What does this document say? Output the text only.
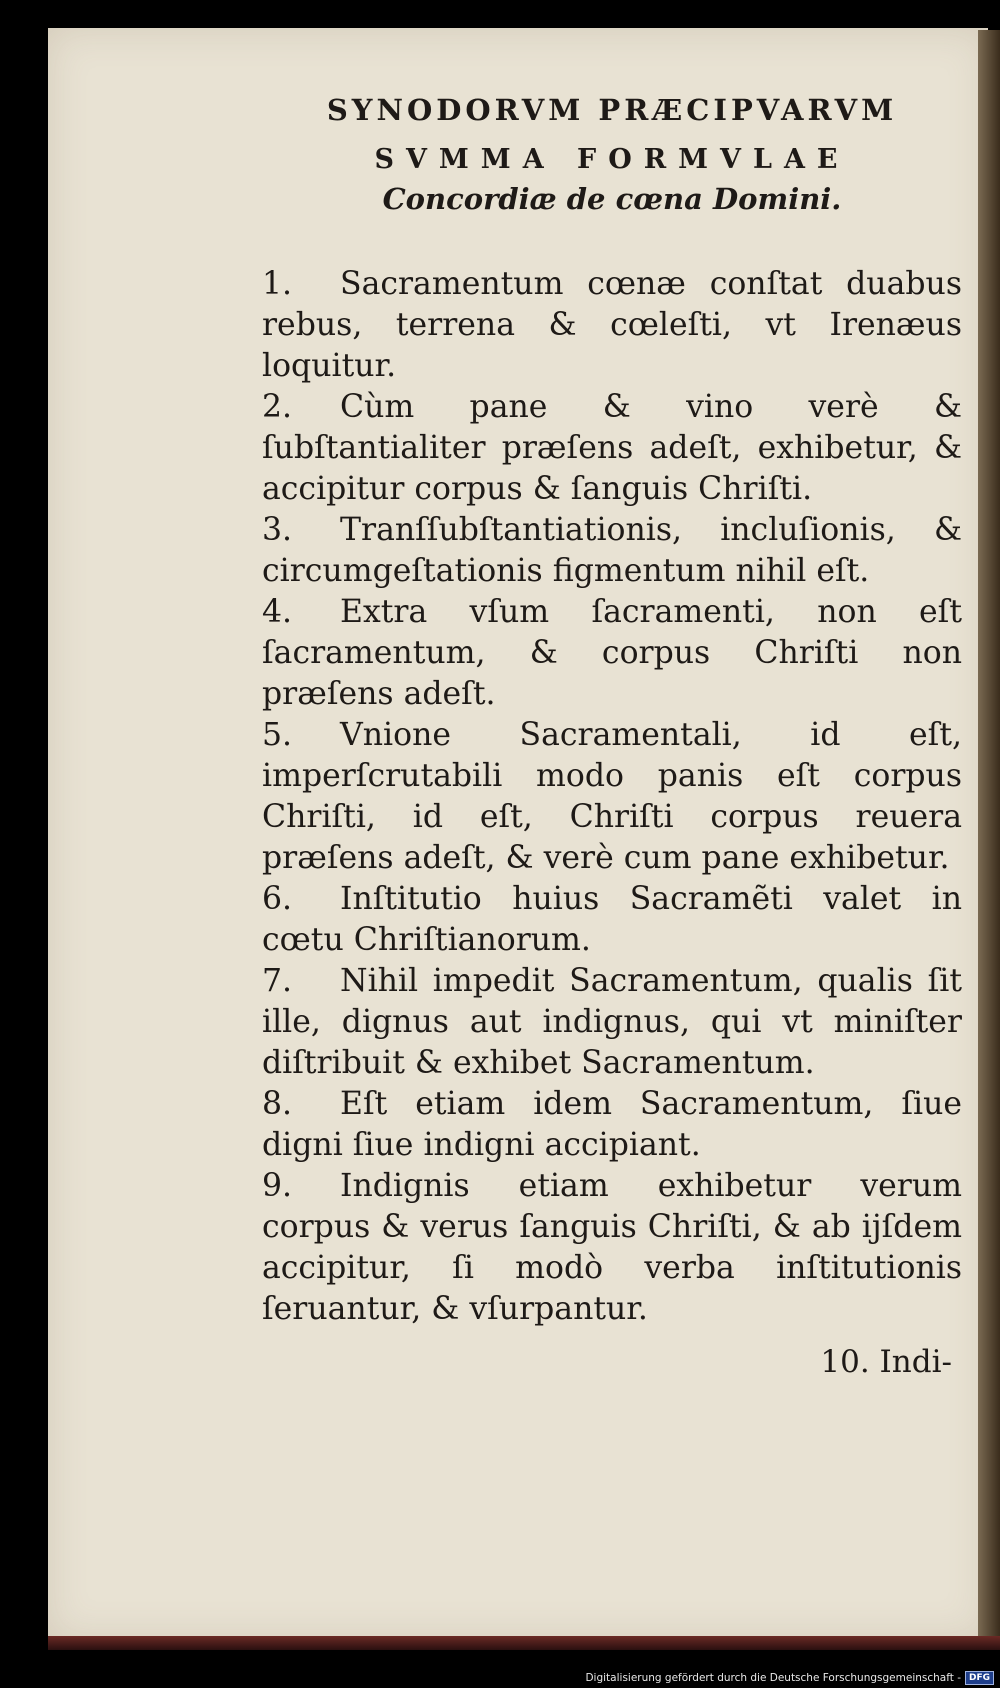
SYNODORVM PRÆCIPVARVM
SVMMA FORMVLAE
Concordiæ de cœna Domini.
1. Sacramentum cœnæ conſtat duabus rebus, terrena & cœleſti, vt Irenæus loquitur.
2. Cùm pane & vino verè & ſubſtantialiter præſens adeſt, exhibetur, & accipitur corpus & ſanguis Chriſti.
3. Tranſſubſtantiationis, incluſionis, & circumgeſtationis figmentum nihil eſt.
4. Extra vſum ſacramenti, non eſt ſacramentum, & corpus Chriſti non præſens adeſt.
5. Vnione Sacramentali, id eſt, imperſcrutabili modo panis eſt corpus Chriſti, id eſt, Chriſti corpus reuera præſens adeſt, & verè cum pane exhibetur.
6. Inſtitutio huius Sacramẽti valet in cœtu Chriſtianorum.
7. Nihil impedit Sacramentum, qualis ſit ille, dignus aut indignus, qui vt miniſter diſtribuit & exhibet Sacramentum.
8. Eſt etiam idem Sacramentum, ſiue digni ſiue indigni accipiant.
9. Indignis etiam exhibetur verum corpus & verus ſanguis Chriſti, & ab ijſdem accipitur, ſi modò verba inſtitutionis ſeruantur, & vſurpantur.
10. Indi-
Digitalisierung gefördert durch die Deutsche Forschungsgemeinschaft - DFG
